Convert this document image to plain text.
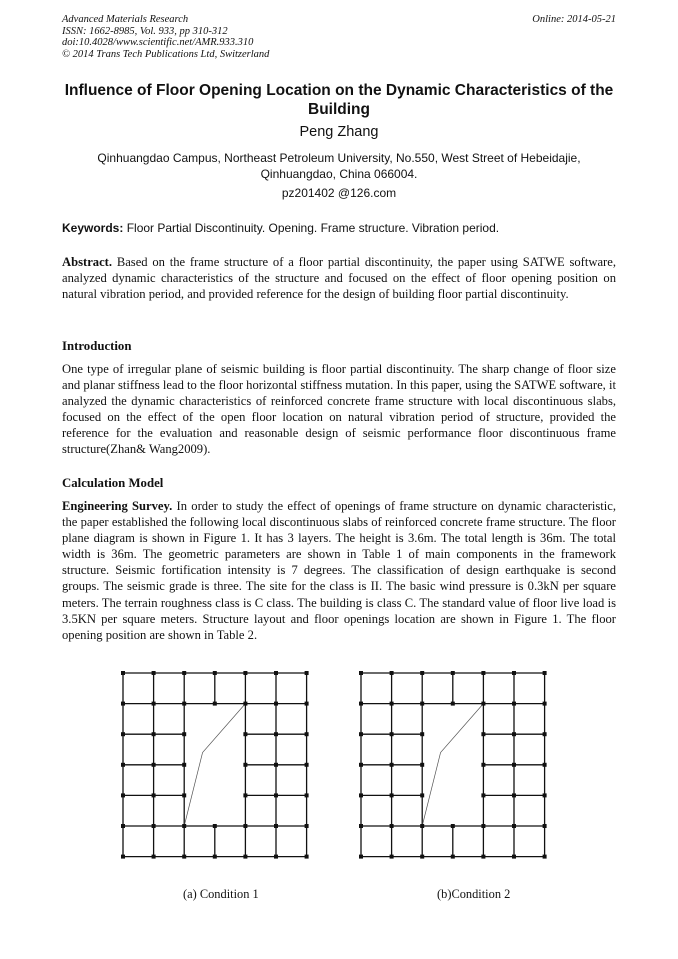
Advanced Materials Research
ISSN: 1662-8985, Vol. 933, pp 310-312
doi:10.4028/www.scientific.net/AMR.933.310
© 2014 Trans Tech Publications Ltd, Switzerland
Online: 2014-05-21
Influence of Floor Opening Location on the Dynamic Characteristics of the Building
Peng Zhang
Qinhuangdao Campus, Northeast Petroleum University, No.550, West Street of Hebeidajie, Qinhuangdao, China 066004.
pz201402 @126.com
Keywords: Floor Partial Discontinuity. Opening. Frame structure. Vibration period.
Abstract. Based on the frame structure of a floor partial discontinuity, the paper using SATWE software, analyzed dynamic characteristics of the structure and focused on the effect of floor opening position on natural vibration period, and provided reference for the design of building floor partial discontinuity.
Introduction
One type of irregular plane of seismic building is floor partial discontinuity. The sharp change of floor size and planar stiffness lead to the floor horizontal stiffness mutation. In this paper, using the SATWE software, it analyzed the dynamic characteristics of reinforced concrete frame structure with local discontinuous slabs, focused on the effect of the open floor location on natural vibration period of structure, provided the reference for the evaluation and reasonable design of seismic performance floor discontinuous frame structure(Zhan& Wang2009).
Calculation Model
Engineering Survey. In order to study the effect of openings of frame structure on dynamic characteristic, the paper established the following local discontinuous slabs of reinforced concrete frame structure. The floor plane diagram is shown in Figure 1. It has 3 layers. The height is 3.6m. The total length is 36m. The total width is 36m. The geometric parameters are shown in Table 1 of main components in the framework structure. Seismic fortification intensity is 7 degrees. The classification of design earthquake is second groups. The seismic grade is three. The site for the class is II. The basic wind pressure is 0.3kN per square meters. The terrain roughness class is C class. The building is class C. The standard value of floor live load is 3.5KN per square meters. Structure layout and floor openings location are shown in Figure 1. The floor opening position are shown in Table 2.
(a) Condition 1	(b)Condition 2
